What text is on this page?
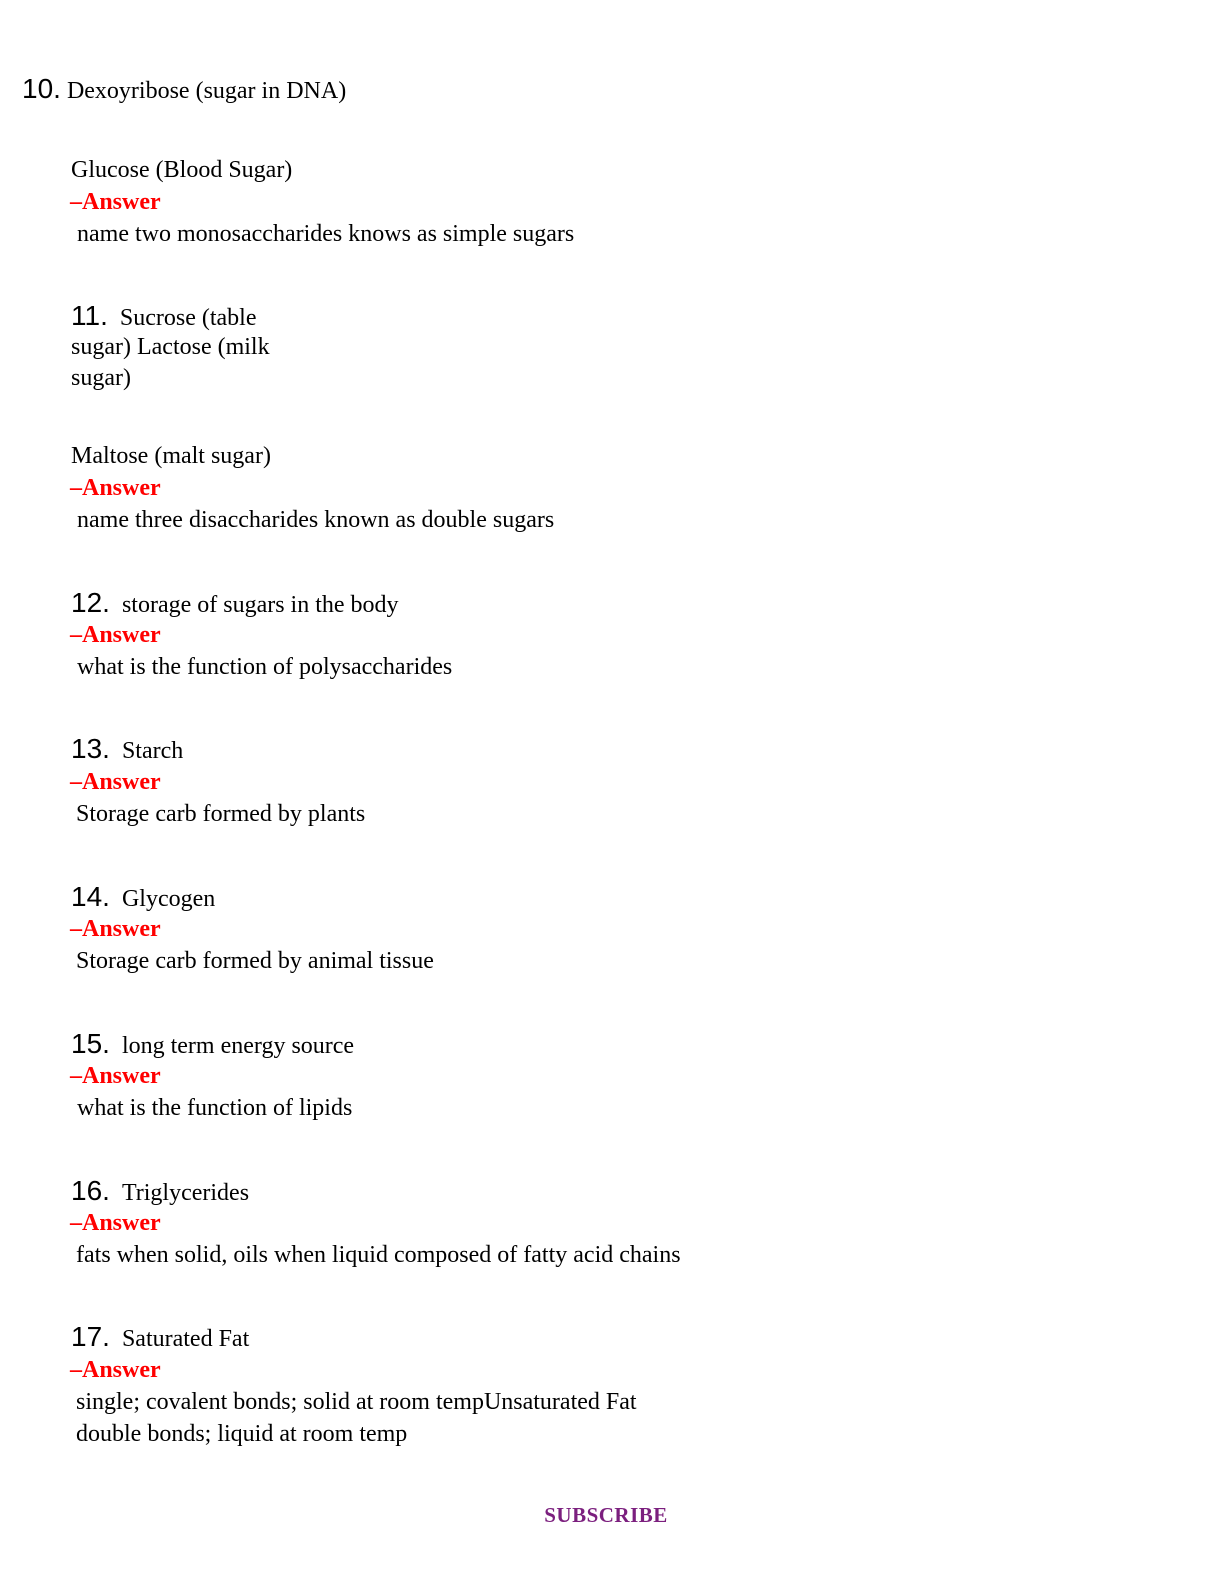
10. Dexoyribose (sugar in DNA)
Glucose (Blood Sugar)
–Answer
name two monosaccharides knows as simple sugars
11. Sucrose (table
sugar) Lactose (milk
sugar)
Maltose (malt sugar)
–Answer
name three disaccharides known as double sugars
12. storage of sugars in the body
–Answer
what is the function of polysaccharides
13. Starch
–Answer
Storage carb formed by plants
14. Glycogen
–Answer
Storage carb formed by animal tissue
15. long term energy source
–Answer
what is the function of lipids
16. Triglycerides
–Answer
fats when solid, oils when liquid composed of fatty acid chains
17. Saturated Fat
–Answer
single; covalent bonds; solid at room tempUnsaturated Fat
double bonds; liquid at room temp
SUBSCRIBE
